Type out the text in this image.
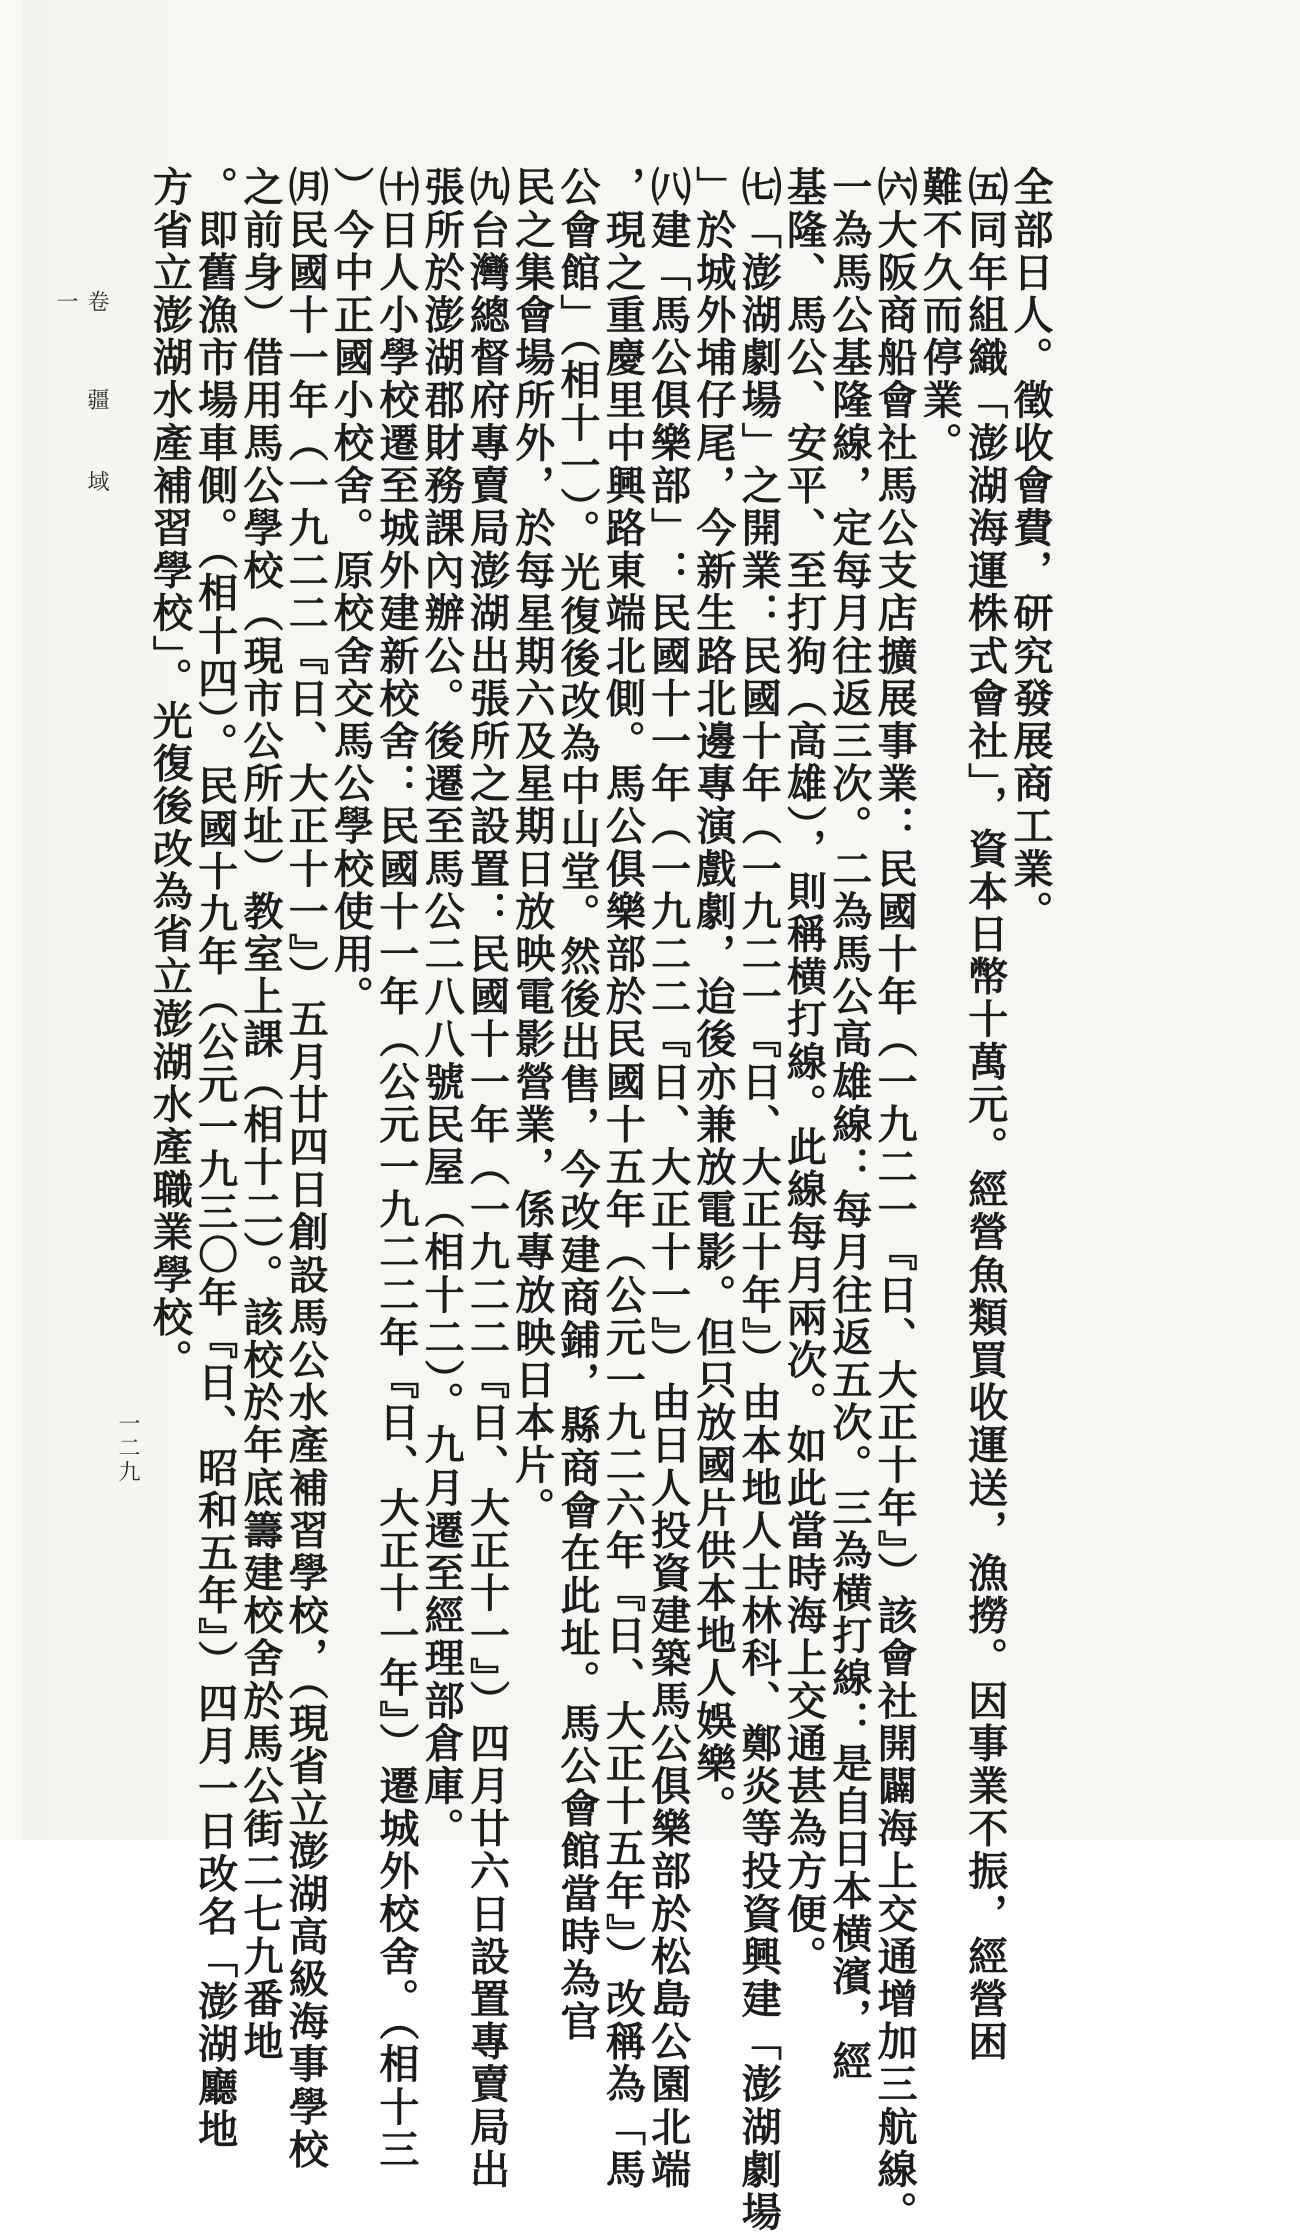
全部日人。徵收會費，研究發展商工業。
㈤同年組織「澎湖海運株式會社」，資本日幣十萬元。經營魚類買收運送，漁撈。因事業不振，經營困
難不久而停業。
㈥大阪商船會社馬公支店擴展事業：民國十年（一九二一『日、大正十年』）該會社開闢海上交通增加三航線。
一為馬公基隆線，定每月往返三次。二為馬公高雄線：每月往返五次。三為横打線：是自日本横濱，經
基隆、馬公、安平、至打狗（高雄），則稱横打線。此線每月兩次。如此當時海上交通甚為方便。
㈦「澎湖劇場」之開業：民國十年（一九二一『日、大正十年』）由本地人士林科、鄭炎等投資興建「澎湖劇場
」於城外埔仔尾，今新生路北邊專演戲劇，迨後亦兼放電影。但只放國片供本地人娛樂。
㈧建「馬公俱樂部」：民國十一年（一九二二『日、大正十一』）由日人投資建築馬公俱樂部於松島公園北端
，現之重慶里中興路東端北側。馬公俱樂部於民國十五年（公元一九二六年『日、大正十五年』）改稱為「馬
公會館」（相十一）。光復後改為中山堂。然後出售，今改建商鋪，縣商會在此址。馬公會館當時為官
民之集會場所外，於每星期六及星期日放映電影營業，係專放映日本片。
㈨台灣總督府專賣局澎湖出張所之設置：民國十一年（一九二二『日、大正十一』）四月廿六日設置專賣局出
張所於澎湖郡財務課內辦公。後遷至馬公二八八號民屋（相十二）。九月遷至經理部倉庫。
㈩日人小學校遷至城外建新校舍：民國十一年（公元一九二二年『日、大正十一年』）遷城外校舍。（相十三
）今中正國小校舍。原校舍交馬公學校使用。
㈪民國十一年（一九二二『日、大正十一』）五月廿四日創設馬公水產補習學校，（現省立澎湖高級海事學校
之前身）借用馬公學校（現市公所址）教室上課（相十二）。該校於年底籌建校舍於馬公街二七九番地
。即舊漁市場車側。（相十四）。民國十九年（公元一九三〇年『日、昭和五年』）四月一日改名「澎湖廳地
方省立澎湖水產補習學校」。光復後改為省立澎湖水產職業學校。
卷一
疆
域
一二九
